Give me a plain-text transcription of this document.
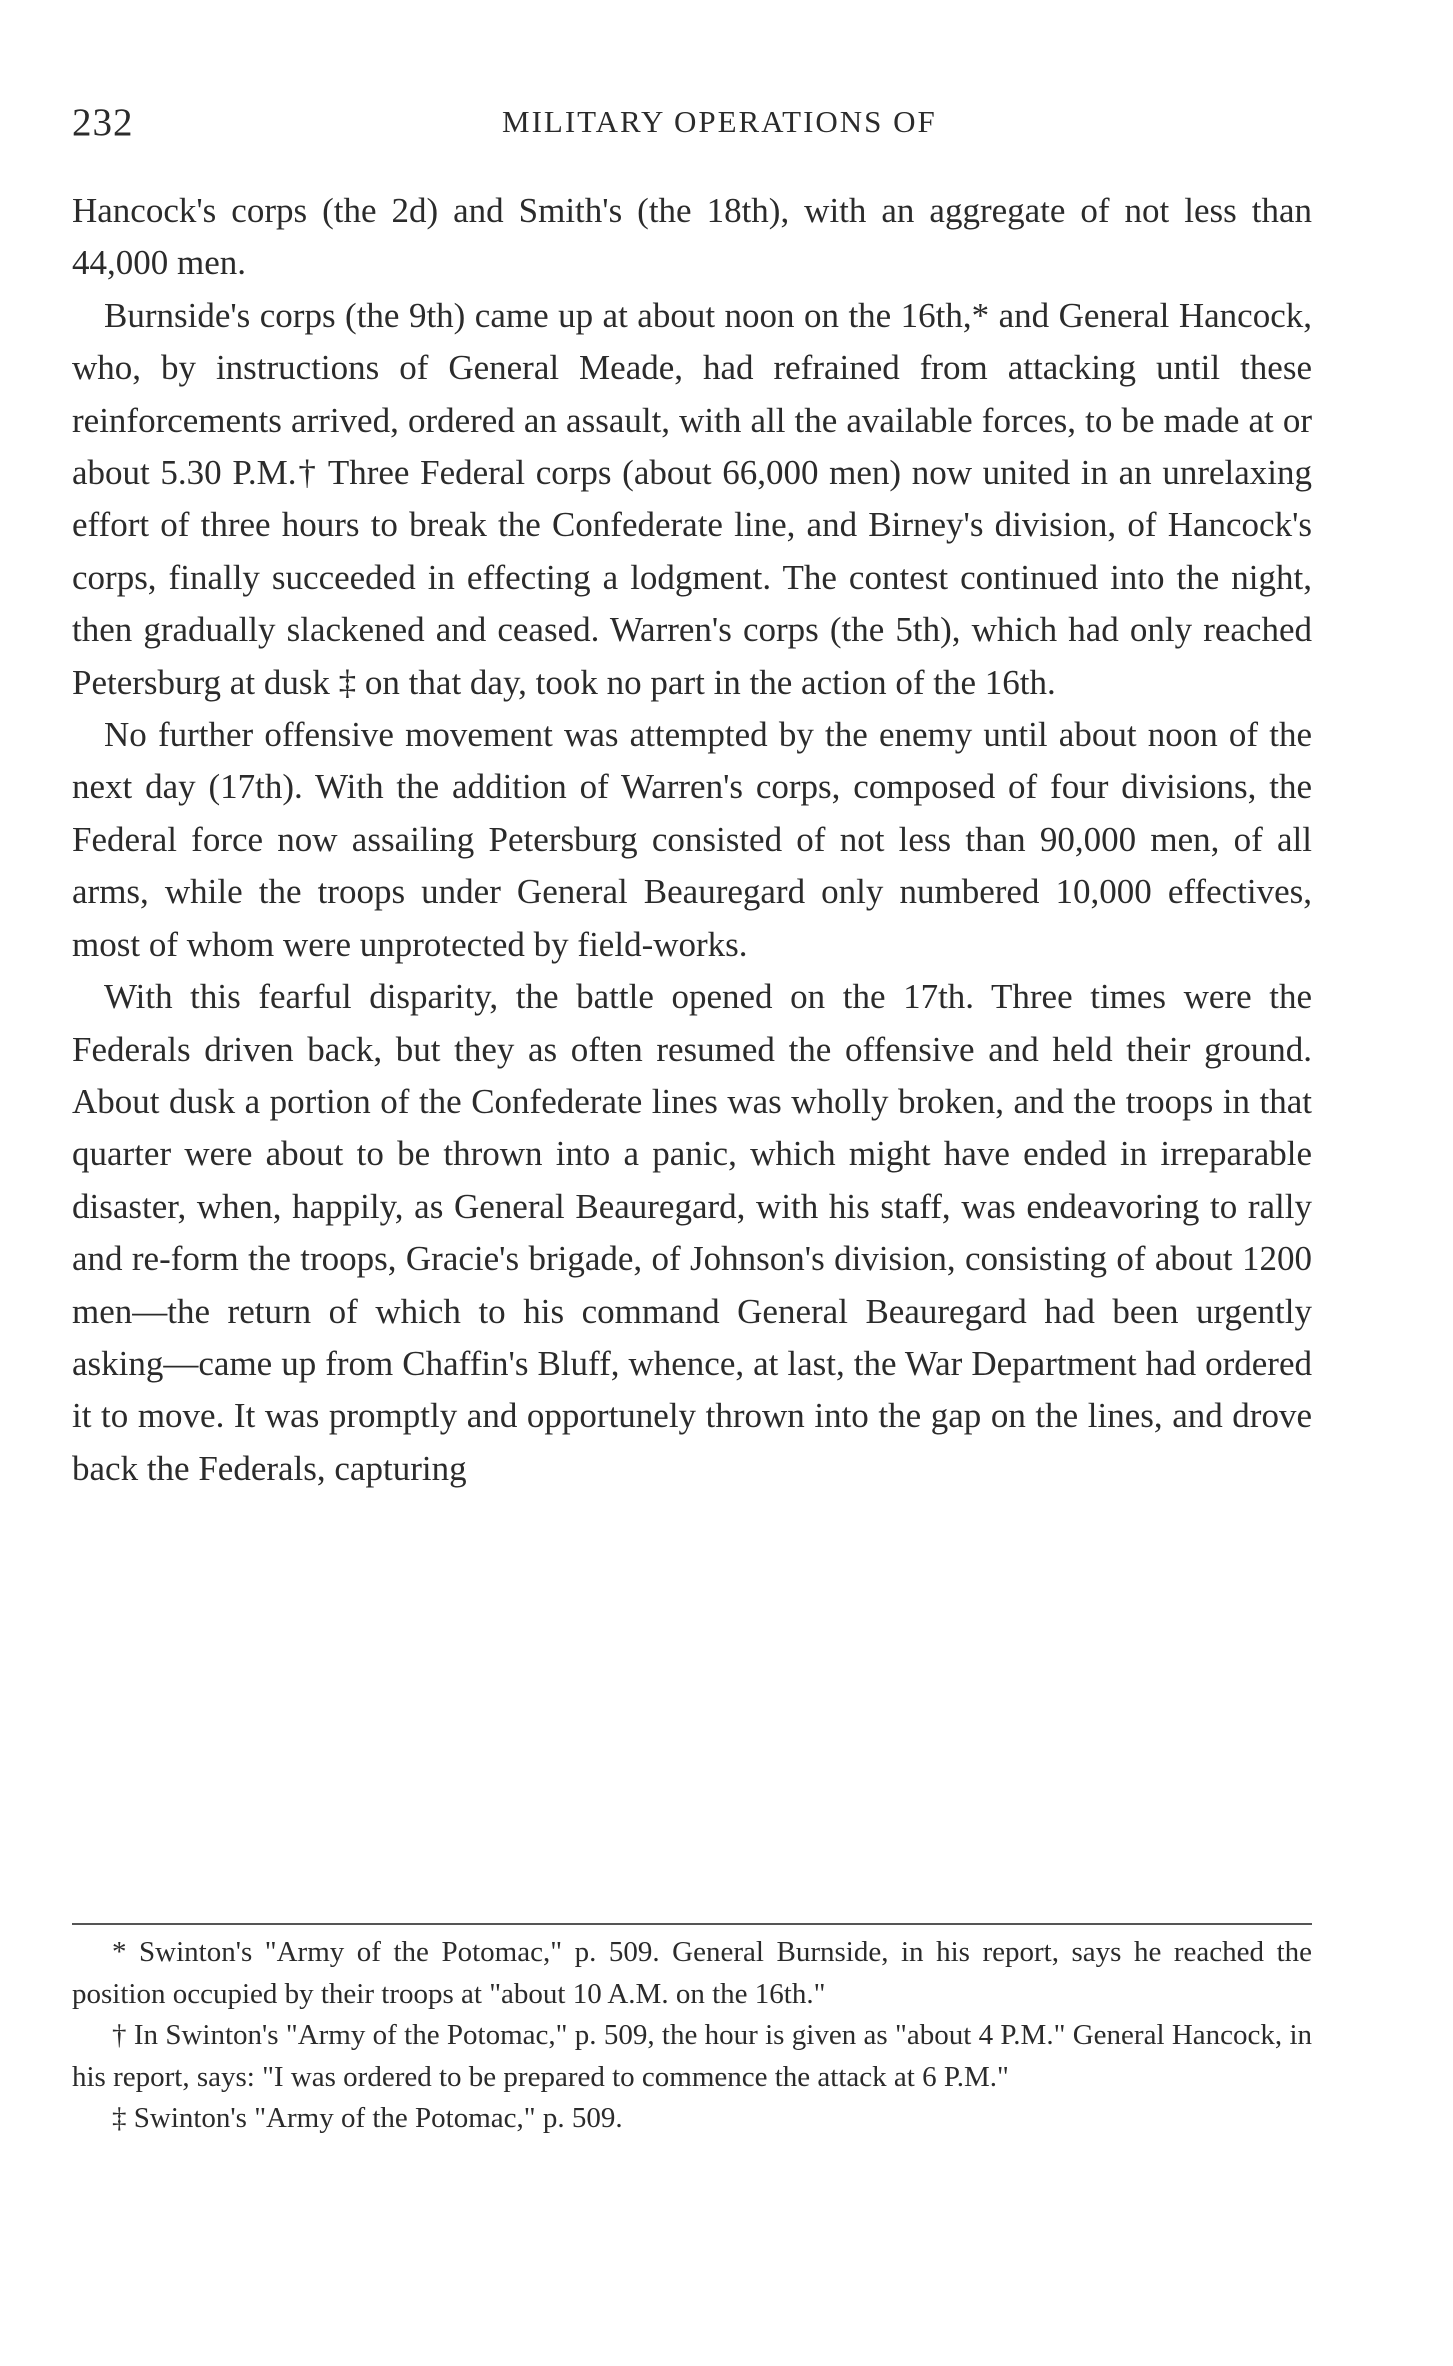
232	MILITARY OPERATIONS OF

Hancock's corps (the 2d) and Smith's (the 18th), with an aggregate of not less than 44,000 men.

Burnside's corps (the 9th) came up at about noon on the 16th,* and General Hancock, who, by instructions of General Meade, had refrained from attacking until these reinforcements arrived, ordered an assault, with all the available forces, to be made at or about 5.30 P.M.† Three Federal corps (about 66,000 men) now united in an unrelaxing effort of three hours to break the Confederate line, and Birney's division, of Hancock's corps, finally succeeded in effecting a lodgment. The contest continued into the night, then gradually slackened and ceased. Warren's corps (the 5th), which had only reached Petersburg at dusk ‡ on that day, took no part in the action of the 16th.

No further offensive movement was attempted by the enemy until about noon of the next day (17th). With the addition of Warren's corps, composed of four divisions, the Federal force now assailing Petersburg consisted of not less than 90,000 men, of all arms, while the troops under General Beauregard only numbered 10,000 effectives, most of whom were unprotected by field-works.

With this fearful disparity, the battle opened on the 17th. Three times were the Federals driven back, but they as often resumed the offensive and held their ground. About dusk a portion of the Confederate lines was wholly broken, and the troops in that quarter were about to be thrown into a panic, which might have ended in irreparable disaster, when, happily, as General Beauregard, with his staff, was endeavoring to rally and re-form the troops, Gracie's brigade, of Johnson's division, consisting of about 1200 men—the return of which to his command General Beauregard had been urgently asking—came up from Chaffin's Bluff, whence, at last, the War Department had ordered it to move. It was promptly and opportunely thrown into the gap on the lines, and drove back the Federals, capturing

* Swinton's "Army of the Potomac," p. 509. General Burnside, in his report, says he reached the position occupied by their troops at "about 10 A.M. on the 16th."

† In Swinton's "Army of the Potomac," p. 509, the hour is given as "about 4 P.M." General Hancock, in his report, says: "I was ordered to be prepared to commence the attack at 6 P.M."

‡ Swinton's "Army of the Potomac," p. 509.
